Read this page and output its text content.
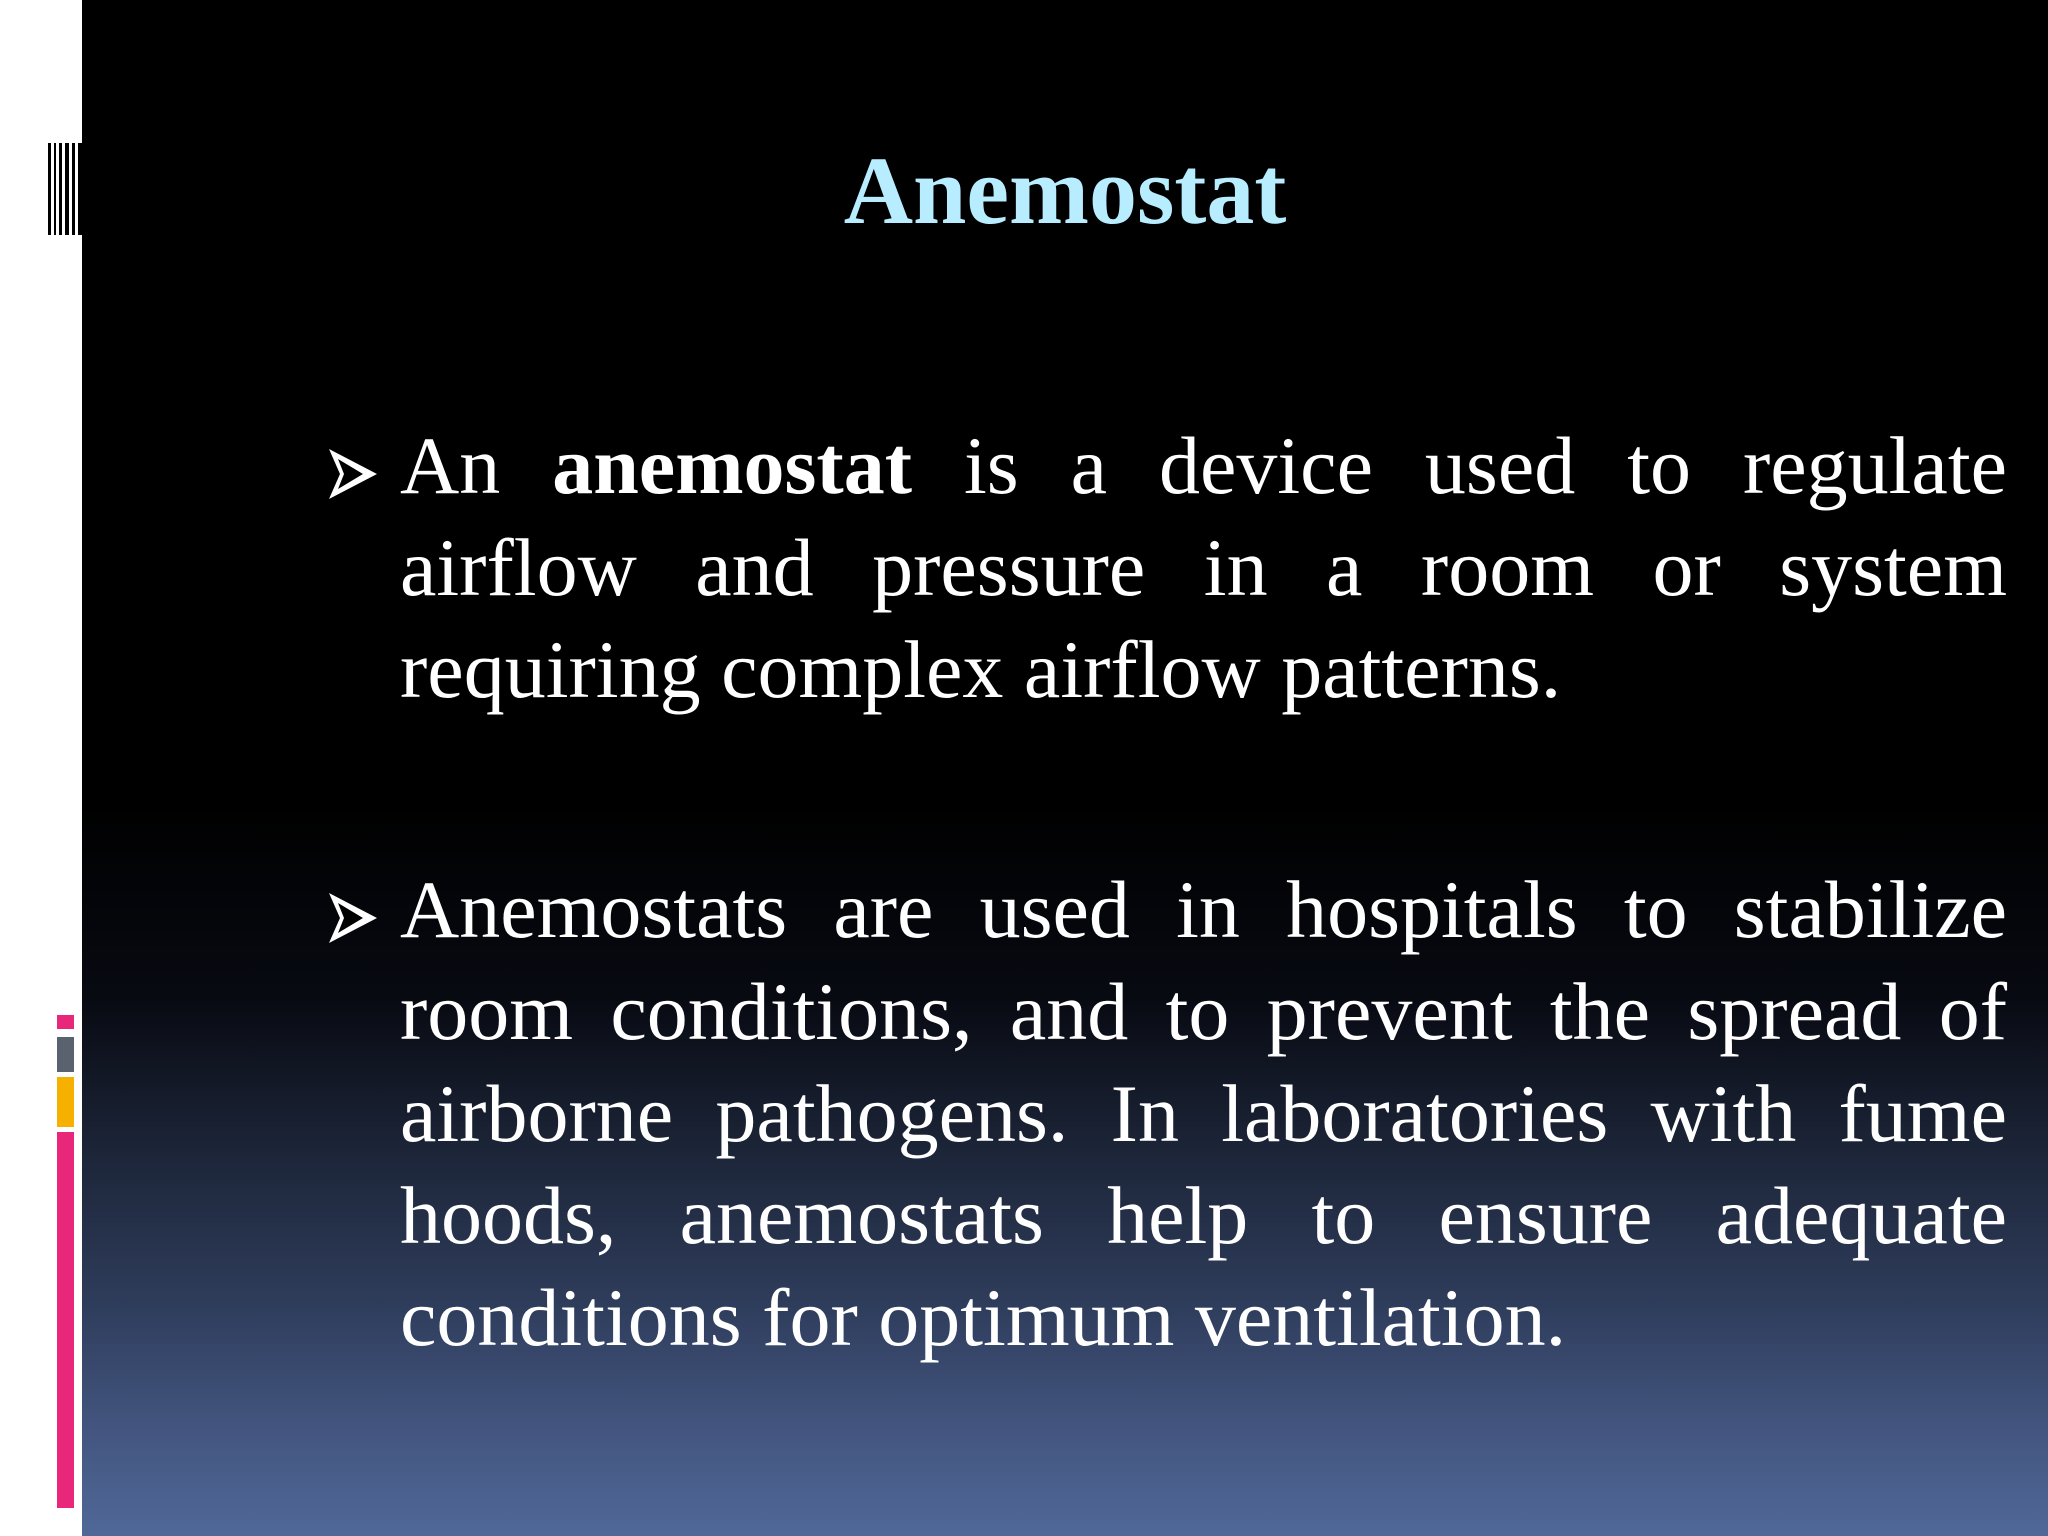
Anemostat
An anemostat is a device used to regulate airflow and pressure in a room or system requiring complex airflow patterns.
Anemostats are used in hospitals to stabilize room conditions, and to prevent the spread of airborne pathogens. In laboratories with fume hoods, anemostats help to ensure adequate conditions for optimum ventilation.
